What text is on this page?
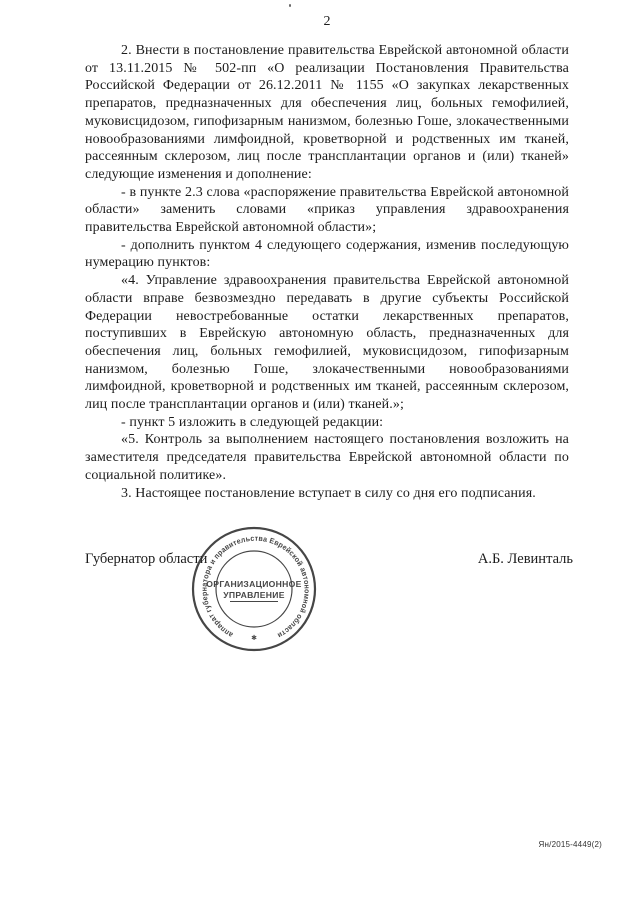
2

2. Внести в постановление правительства Еврейской автономной области от 13.11.2015 № 502-пп «О реализации Постановления Правительства Российской Федерации от 26.12.2011 № 1155 «О закупках лекарственных препаратов, предназначенных для обеспечения лиц, больных гемофилией, муковисцидозом, гипофизарным нанизмом, болезнью Гоше, злокачественными новообразованиями лимфоидной, кроветворной и родственных им тканей, рассеянным склерозом, лиц после трансплантации органов и (или) тканей» следующие изменения и дополнение:

- в пункте 2.3 слова «распоряжение правительства Еврейской автономной области» заменить словами «приказ управления здравоохранения правительства Еврейской автономной области»;

- дополнить пунктом 4 следующего содержания, изменив последующую нумерацию пунктов:

«4. Управление здравоохранения правительства Еврейской автономной области вправе безвозмездно передавать в другие субъекты Российской Федерации невостребованные остатки лекарственных препаратов, поступивших в Еврейскую автономную область, предназначенных для обеспечения лиц, больных гемофилией, муковисцидозом, гипофизарным нанизмом, болезнью Гоше, злокачественными новообразованиями лимфоидной, кроветворной и родственных им тканей, рассеянным склерозом, лиц после трансплантации органов и (или) тканей.»;

- пункт 5 изложить в следующей редакции:

«5. Контроль за выполнением настоящего постановления возложить на заместителя председателя правительства Еврейской автономной области по социальной политике».

3. Настоящее постановление вступает в силу со дня его подписания.

Губернатор области	А.Б. Левинталь
аппарат губернатора и правительства Еврейской автономной области
ОРГАНИЗАЦИОННОЕ
УПРАВЛЕНИЕ
✱
Ян/2015-4449(2)
